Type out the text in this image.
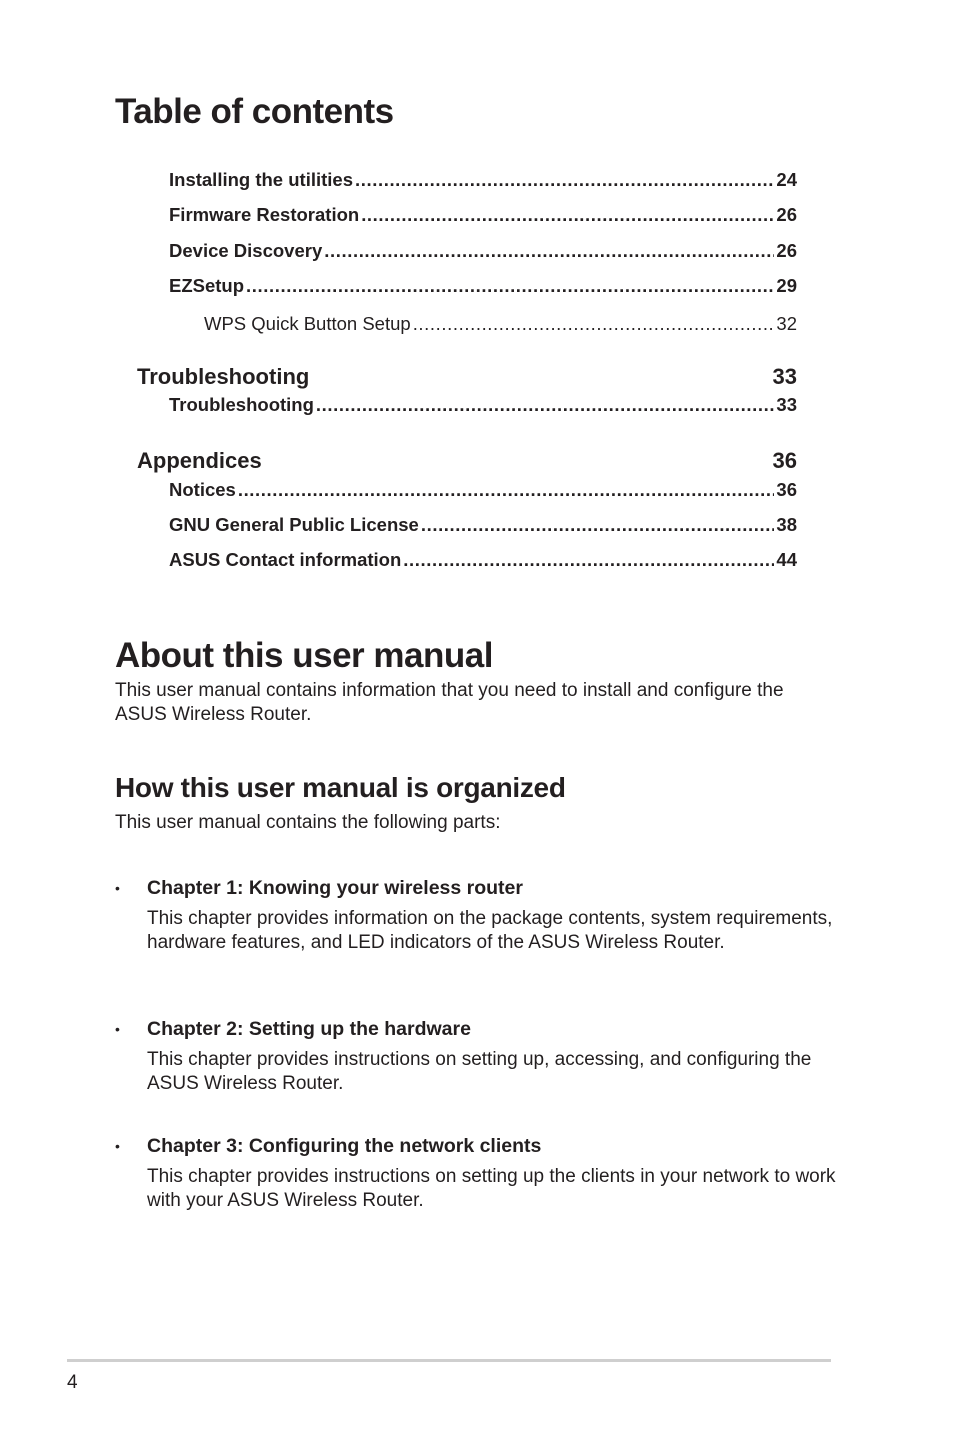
Table of contents
Installing the utilities .....	24
Firmware Restoration .....	26
Device Discovery .....	26
EZSetup .....	29
WPS Quick Button Setup .....	32
Troubleshooting	33
Troubleshooting .....	33
Appendices	36
Notices .....	36
GNU General Public License .....	38
ASUS Contact information .....	44
About this user manual

This user manual contains information that you need to install and configure the ASUS Wireless Router.

How this user manual is organized

This user manual contains the following parts:

• Chapter 1: Knowing your wireless router

This chapter provides information on the package contents, system requirements, hardware features, and LED indicators of the ASUS Wireless Router.

• Chapter 2: Setting up the hardware

This chapter provides instructions on setting up, accessing, and configuring the ASUS Wireless Router.

• Chapter 3: Configuring the network clients

This chapter provides instructions on setting up the clients in your network to work with your ASUS Wireless Router.

4
